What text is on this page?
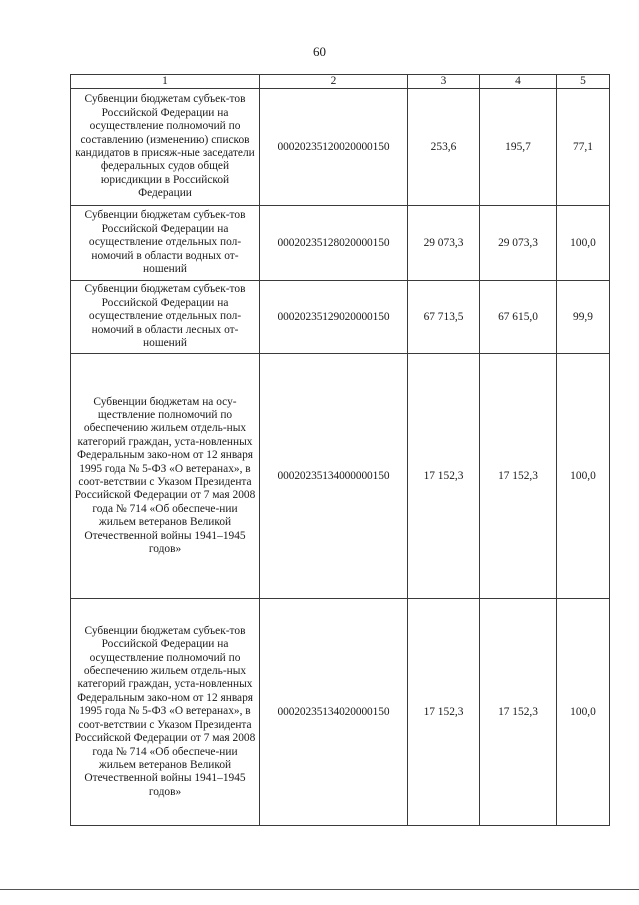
60
1	2	3	4	5
Субвенции бюджетам субъек-тов Российской Федерации на осуществление полномочий по составлению (изменению) списков кандидатов в присяж-ные заседатели федеральных судов общей юрисдикции в Российской Федерации	00020235120020000150	253,6	195,7	77,1
Субвенции бюджетам субъек-тов Российской Федерации на осуществление отдельных пол-номочий в области водных от-ношений	00020235128020000150	29 073,3	29 073,3	100,0
Субвенции бюджетам субъек-тов Российской Федерации на осуществление отдельных пол-номочий в области лесных от-ношений	00020235129020000150	67 713,5	67 615,0	99,9
Субвенции бюджетам на осу-ществление полномочий по обеспечению жильем отдель-ных категорий граждан, уста-новленных Федеральным зако-ном от 12 января 1995 года № 5-ФЗ «О ветеранах», в соот-ветствии с Указом Президента Российской Федерации от 7 мая 2008 года № 714 «Об обеспече-нии жильем ветеранов Великой Отечественной войны 1941–1945 годов»	00020235134000000150	17 152,3	17 152,3	100,0
Субвенции бюджетам субъек-тов Российской Федерации на осуществление полномочий по обеспечению жильем отдель-ных категорий граждан, уста-новленных Федеральным зако-ном от 12 января 1995 года № 5-ФЗ «О ветеранах», в соот-ветствии с Указом Президента Российской Федерации от 7 мая 2008 года № 714 «Об обеспече-нии жильем ветеранов Великой Отечественной войны 1941–1945 годов»	00020235134020000150	17 152,3	17 152,3	100,0
